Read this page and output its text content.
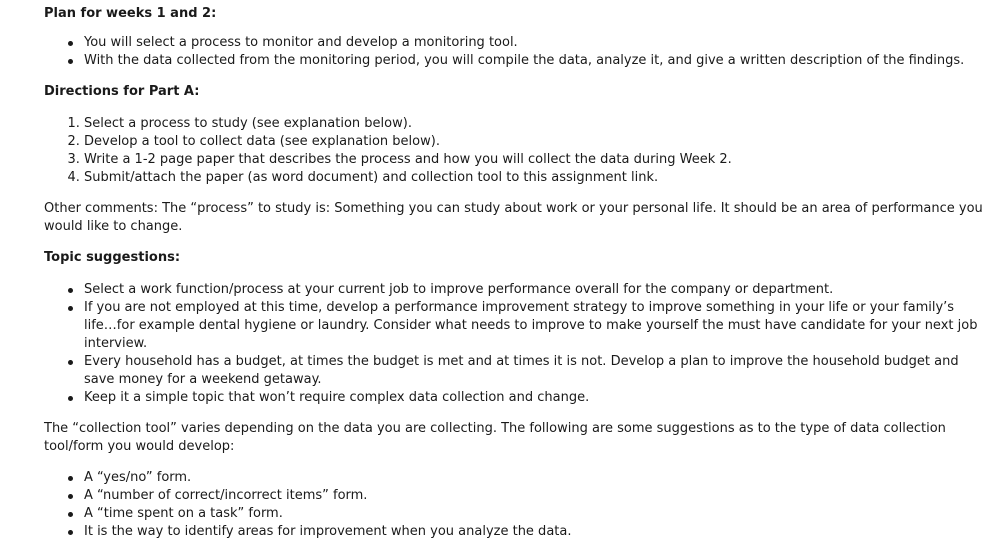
Plan for weeks 1 and 2:
You will select a process to monitor and develop a monitoring tool.
With the data collected from the monitoring period, you will compile the data, analyze it, and give a written description of the findings.
Directions for Part A:
1. Select a process to study (see explanation below).
2. Develop a tool to collect data (see explanation below).
3. Write a 1-2 page paper that describes the process and how you will collect the data during Week 2.
4. Submit/attach the paper (as word document) and collection tool to this assignment link.

Other comments: The “process” to study is: Something you can study about work or your personal life. It should be an area of performance you would like to change.

Topic suggestions:
Select a work function/process at your current job to improve performance overall for the company or department.
If you are not employed at this time, develop a performance improvement strategy to improve something in your life or your family’s life…for example dental hygiene or laundry. Consider what needs to improve to make yourself the must have candidate for your next job interview.
Every household has a budget, at times the budget is met and at times it is not. Develop a plan to improve the household budget and save money for a weekend getaway.
Keep it a simple topic that won’t require complex data collection and change.

The “collection tool” varies depending on the data you are collecting. The following are some suggestions as to the type of data collection tool/form you would develop:

A “yes/no” form.
A “number of correct/incorrect items” form.
A “time spent on a task” form.
It is the way to identify areas for improvement when you analyze the data.
